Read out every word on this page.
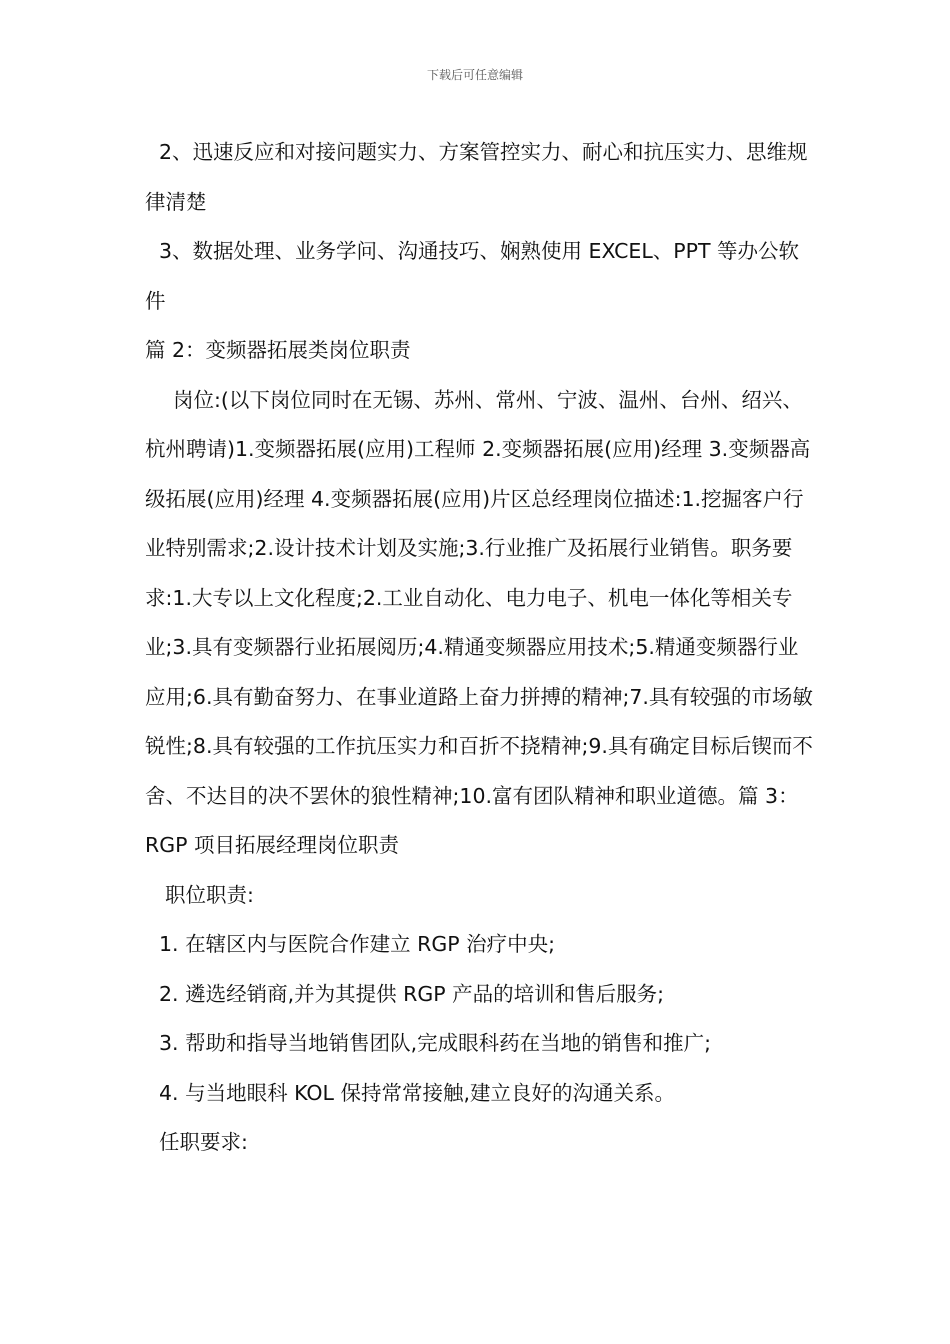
下载后可任意编辑

2、迅速反应和对接问题实力、方案管控实力、耐心和抗压实力、思维规律清楚

3、数据处理、业务学问、沟通技巧、娴熟使用 EXCEL、PPT 等办公软件

篇 2：变频器拓展类岗位职责

岗位:(以下岗位同时在无锡、苏州、常州、宁波、温州、台州、绍兴、杭州聘请)1.变频器拓展(应用)工程师 2.变频器拓展(应用)经理 3.变频器高级拓展(应用)经理 4.变频器拓展(应用)片区总经理岗位描述:1.挖掘客户行业特别需求;2.设计技术计划及实施;3.行业推广及拓展行业销售。职务要求:1.大专以上文化程度;2.工业自动化、电力电子、机电一体化等相关专业;3.具有变频器行业拓展阅历;4.精通变频器应用技术;5.精通变频器行业应用;6.具有勤奋努力、在事业道路上奋力拼搏的精神;7.具有较强的市场敏锐性;8.具有较强的工作抗压实力和百折不挠精神;9.具有确定目标后锲而不舍、不达目的决不罢休的狼性精神;10.富有团队精神和职业道德。篇 3：RGP 项目拓展经理岗位职责

职位职责:

1. 在辖区内与医院合作建立 RGP 治疗中央;

2. 遴选经销商,并为其提供 RGP 产品的培训和售后服务;

3. 帮助和指导当地销售团队,完成眼科药在当地的销售和推广;

4. 与当地眼科 KOL 保持常常接触,建立良好的沟通关系。

任职要求:
